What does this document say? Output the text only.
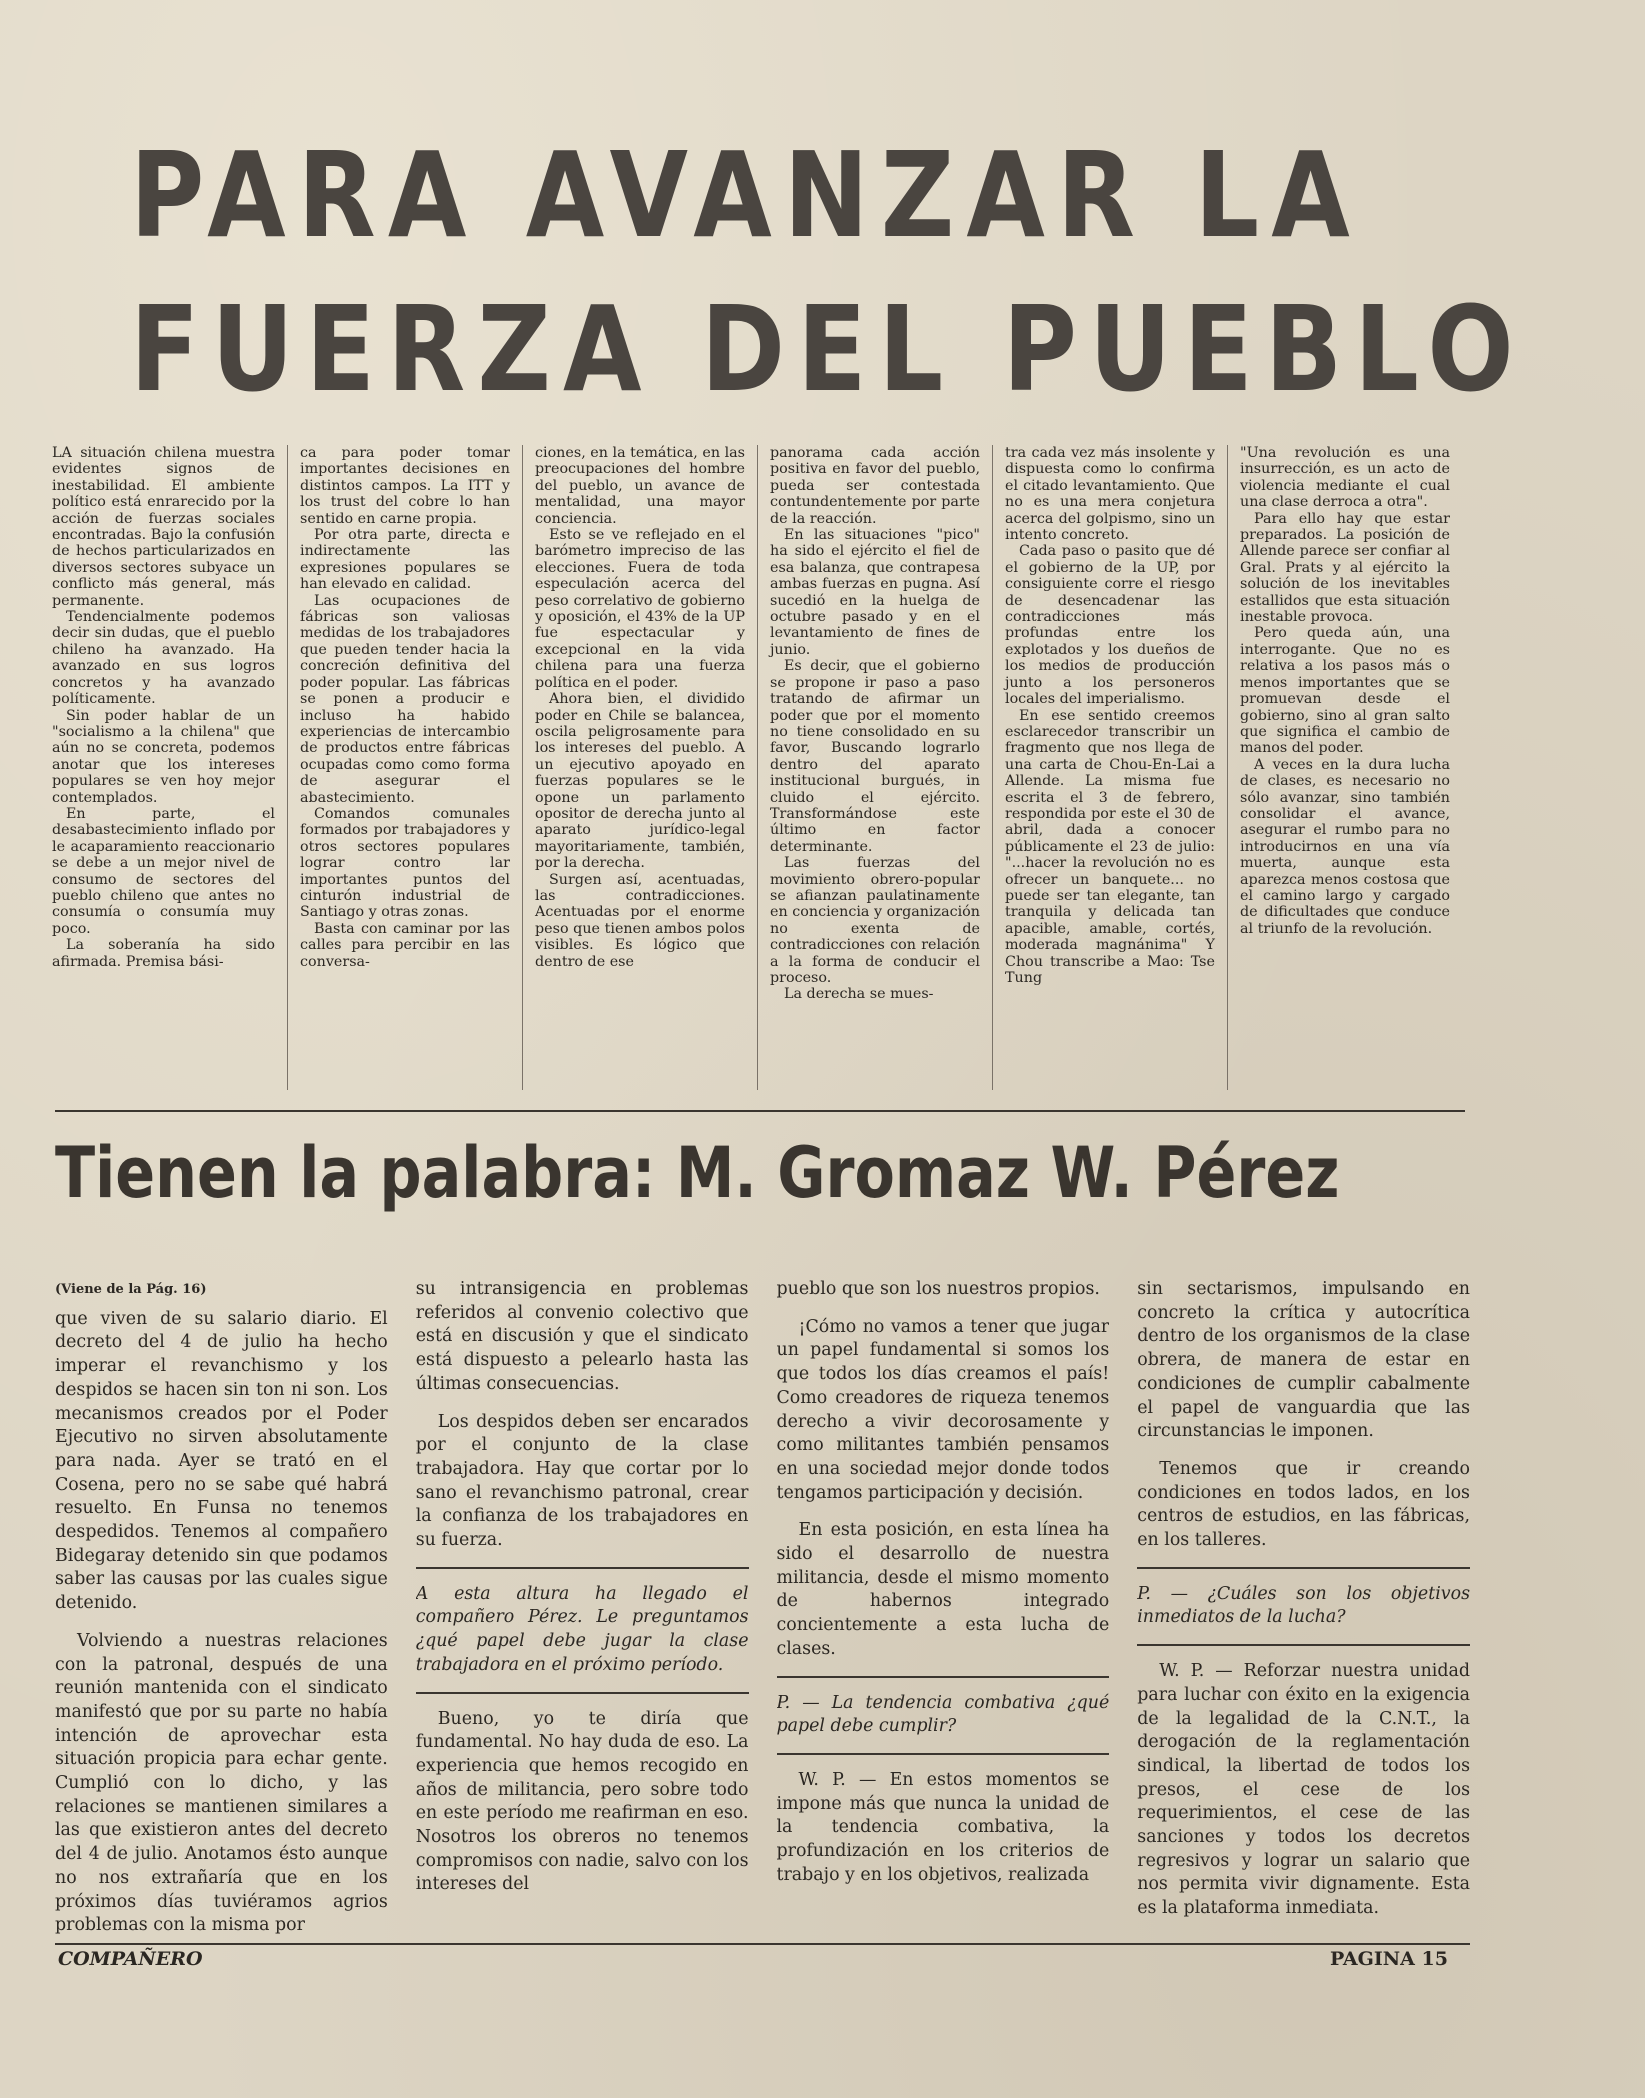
PARA AVANZAR LA
FUERZA DEL PUEBLO

LA situación chilena muestra evidentes signos de inestabilidad. El ambiente político está enrarecido por la acción de fuerzas sociales encontradas. Bajo la confusión de hechos particularizados en diversos sectores subyace un conflicto más general, más permanente.

Tendencialmente podemos decir sin dudas, que el pueblo chileno ha avanzado. Ha avanzado en sus logros concretos y ha avanzado políticamente.

Sin poder hablar de un "socialismo a la chilena" que aún no se concreta, podemos anotar que los intereses populares se ven hoy mejor contemplados.

En parte, el desabastecimiento inflado por le acaparamiento reaccionario se debe a un mejor nivel de consumo de sectores del pueblo chileno que antes no consumía o consumía muy poco.

La soberanía ha sido afirmada. Premisa bási-

ca para poder tomar importantes decisiones en distintos campos. La ITT y los trust del cobre lo han sentido en carne propia.

Por otra parte, directa e indirectamente las expresiones populares se han elevado en calidad.

Las ocupaciones de fábricas son valiosas medidas de los trabajadores que pueden tender hacia la concreción definitiva del poder popular. Las fábricas se ponen a producir e incluso ha habido experiencias de intercambio de productos entre fábricas ocupadas como como forma de asegurar el abastecimiento.

Comandos comunales formados por trabajadores y otros sectores populares lograr contro lar importantes puntos del cinturón industrial de Santiago y otras zonas.

Basta con caminar por las calles para percibir en las conversa-

ciones, en la temática, en las preocupaciones del hombre del pueblo, un avance de mentalidad, una mayor conciencia.

Esto se ve reflejado en el barómetro impreciso de las elecciones. Fuera de toda especulación acerca del peso correlativo de gobierno y oposición, el 43% de la UP fue espectacular y excepcional en la vida chilena para una fuerza política en el poder.

Ahora bien, el dividido poder en Chile se balancea, oscila peligrosamente para los intereses del pueblo. A un ejecutivo apoyado en fuerzas populares se le opone un parlamento opositor de derecha junto al aparato jurídico-legal mayoritariamente, también, por la derecha.

Surgen así, acentuadas, las contradicciones. Acentuadas por el enorme peso que tienen ambos polos visibles. Es lógico que dentro de ese

panorama cada acción positiva en favor del pueblo, pueda ser contestada contundentemente por parte de la reacción.

En las situaciones "pico" ha sido el ejército el fiel de esa balanza, que contrapesa ambas fuerzas en pugna. Así sucedió en la huelga de octubre pasado y en el levantamiento de fines de junio.

Es decir, que el gobierno se propone ir paso a paso tratando de afirmar un poder que por el momento no tiene consolidado en su favor, Buscando lograrlo dentro del aparato institucional burgués, in cluido el ejército. Transformándose este último en factor determinante.

Las fuerzas del movimiento obrero-popular se afianzan paulatinamente en conciencia y organización no exenta de contradicciones con relación a la forma de conducir el proceso.

La derecha se mues-

tra cada vez más insolente y dispuesta como lo confirma el citado levantamiento. Que no es una mera conjetura acerca del golpismo, sino un intento concreto.

Cada paso o pasito que dé el gobierno de la UP, por consiguiente corre el riesgo de desencadenar las contradicciones más profundas entre los explotados y los dueños de los medios de producción junto a los personeros locales del imperialismo.

En ese sentido creemos esclarecedor transcribir un fragmento que nos llega de una carta de Chou-En-Lai a Allende. La misma fue escrita el 3 de febrero, respondida por este el 30 de abril, dada a conocer públicamente el 23 de julio: "...hacer la revolución no es ofrecer un banquete... no puede ser tan elegante, tan tranquila y delicada tan apacible, amable, cortés, moderada magnánima" Y Chou transcribe a Mao: Tse Tung

"Una revolución es una insurrección, es un acto de violencia mediante el cual una clase derroca a otra".

Para ello hay que estar preparados. La posición de Allende parece ser confiar al Gral. Prats y al ejército la solución de los inevitables estallidos que esta situación inestable provoca.

Pero queda aún, una interrogante. Que no es relativa a los pasos más o menos importantes que se promuevan desde el gobierno, sino al gran salto que significa el cambio de manos del poder.

A veces en la dura lucha de clases, es necesario no sólo avanzar, sino también consolidar el avance, asegurar el rumbo para no introducirnos en una vía muerta, aunque esta aparezca menos costosa que el camino largo y cargado de dificultades que conduce al triunfo de la revolución.

Tienen la palabra: M. Gromaz W. Pérez

(Viene de la Pág. 16)

que viven de su salario diario. El decreto del 4 de julio ha hecho imperar el revanchismo y los despidos se hacen sin ton ni son. Los mecanismos creados por el Poder Ejecutivo no sirven absolutamente para nada. Ayer se trató en el Cosena, pero no se sabe qué habrá resuelto. En Funsa no tenemos despedidos. Tenemos al compañero Bidegaray detenido sin que podamos saber las causas por las cuales sigue detenido.

Volviendo a nuestras relaciones con la patronal, después de una reunión mantenida con el sindicato manifestó que por su parte no había intención de aprovechar esta situación propicia para echar gente. Cumplió con lo dicho, y las relaciones se mantienen similares a las que existieron antes del decreto del 4 de julio. Anotamos ésto aunque no nos extrañaría que en los próximos días tuviéramos agrios problemas con la misma por

su intransigencia en problemas referidos al convenio colectivo que está en discusión y que el sindicato está dispuesto a pelearlo hasta las últimas consecuencias.

Los despidos deben ser encarados por el conjunto de la clase trabajadora. Hay que cortar por lo sano el revanchismo patronal, crear la confianza de los trabajadores en su fuerza.

A esta altura ha llegado el compañero Pérez. Le preguntamos ¿qué papel debe jugar la clase trabajadora en el próximo período.

Bueno, yo te diría que fundamental. No hay duda de eso. La experiencia que hemos recogido en años de militancia, pero sobre todo en este período me reafirman en eso. Nosotros los obreros no tenemos compromisos con nadie, salvo con los intereses del

pueblo que son los nuestros propios.

¡Cómo no vamos a tener que jugar un papel fundamental si somos los que todos los días creamos el país! Como creadores de riqueza tenemos derecho a vivir decorosamente y como militantes también pensamos en una sociedad mejor donde todos tengamos participación y decisión.

En esta posición, en esta línea ha sido el desarrollo de nuestra militancia, desde el mismo momento de habernos integrado concientemente a esta lucha de clases.

P. — La tendencia combativa ¿qué papel debe cumplir?

W. P. — En estos momentos se impone más que nunca la unidad de la tendencia combativa, la profundización en los criterios de trabajo y en los objetivos, realizada

sin sectarismos, impulsando en concreto la crítica y autocrítica dentro de los organismos de la clase obrera, de manera de estar en condiciones de cumplir cabalmente el papel de vanguardia que las circunstancias le imponen.

Tenemos que ir creando condiciones en todos lados, en los centros de estudios, en las fábricas, en los talleres.

P. — ¿Cuáles son los objetivos inmediatos de la lucha?

W. P. — Reforzar nuestra unidad para luchar con éxito en la exigencia de la legalidad de la C.N.T., la derogación de la reglamentación sindical, la libertad de todos los presos, el cese de los requerimientos, el cese de las sanciones y todos los decretos regresivos y lograr un salario que nos permita vivir dignamente. Esta es la plataforma inmediata.

COMPAÑERO	PAGINA 15
